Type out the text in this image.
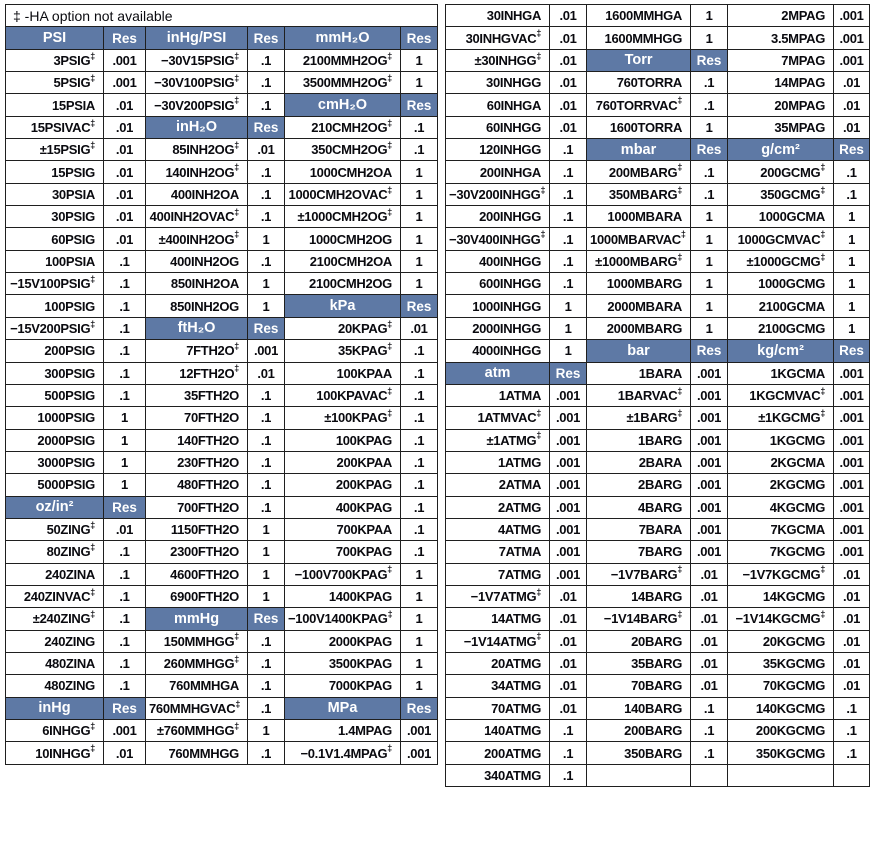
‡ -HA option not available					
PSI	Res	inHg/PSI	Res	mmH₂O	Res
3PSIG‡	.001	−30V15PSIG‡	.1	2100MMH2OG‡	1
5PSIG‡	.001	−30V100PSIG‡	.1	3500MMH2OG‡	1
15PSIA	.01	−30V200PSIG‡	.1	cmH₂O	Res
15PSIVAC‡	.01	inH₂O	Res	210CMH2OG‡	.1
±15PSIG‡	.01	85INH2OG‡	.01	350CMH2OG‡	.1
15PSIG	.01	140INH2OG‡	.1	1000CMH2OA	1
30PSIA	.01	400INH2OA	.1	1000CMH2OVAC‡	1
30PSIG	.01	400INH2OVAC‡	.1	±1000CMH2OG‡	1
60PSIG	.01	±400INH2OG‡	1	1000CMH2OG	1
100PSIA	.1	400INH2OG	.1	2100CMH2OA	1
−15V100PSIG‡	.1	850INH2OA	1	2100CMH2OG	1
100PSIG	.1	850INH2OG	1	kPa	Res
−15V200PSIG‡	.1	ftH₂O	Res	20KPAG‡	.01
200PSIG	.1	7FTH2O‡	.001	35KPAG‡	.1
300PSIG	.1	12FTH2O‡	.01	100KPAA	.1
500PSIG	.1	35FTH2O	.1	100KPAVAC‡	.1
1000PSIG	1	70FTH2O	.1	±100KPAG‡	.1
2000PSIG	1	140FTH2O	.1	100KPAG	.1
3000PSIG	1	230FTH2O	.1	200KPAA	.1
5000PSIG	1	480FTH2O	.1	200KPAG	.1
oz/in²	Res	700FTH2O	.1	400KPAG	.1
50ZING‡	.01	1150FTH2O	1	700KPAA	.1
80ZING‡	.1	2300FTH2O	1	700KPAG	.1
240ZINA	.1	4600FTH2O	1	−100V700KPAG‡	1
240ZINVAC‡	.1	6900FTH2O	1	1400KPAG	1
±240ZING‡	.1	mmHg	Res	−100V1400KPAG‡	1
240ZING	.1	150MMHGG‡	.1	2000KPAG	1
480ZINA	.1	260MMHGG‡	.1	3500KPAG	1
480ZING	.1	760MMHGA	.1	7000KPAG	1
inHg	Res	760MMHGVAC‡	.1	MPa	Res
6INHGG‡	.001	±760MMHGG‡	1	1.4MPAG	.001
10INHGG‡	.01	760MMHGG	.1	−0.1V1.4MPAG‡	.001
30INHGA	.01	1600MMHGA	1	2MPAG	.001
30INHGVAC‡	.01	1600MMHGG	1	3.5MPAG	.001
±30INHGG‡	.01	Torr	Res	7MPAG	.001
30INHGG	.01	760TORRA	.1	14MPAG	.01
60INHGA	.01	760TORRVAC‡	.1	20MPAG	.01
60INHGG	.01	1600TORRA	1	35MPAG	.01
120INHGG	.1	mbar	Res	g/cm²	Res
200INHGA	.1	200MBARG‡	.1	200GCMG‡	.1
−30V200INHGG‡	.1	350MBARG‡	.1	350GCMG‡	.1
200INHGG	.1	1000MBARA	1	1000GCMA	1
−30V400INHGG‡	.1	1000MBARVAC‡	1	1000GCMVAC‡	1
400INHGG	.1	±1000MBARG‡	1	±1000GCMG‡	1
600INHGG	.1	1000MBARG	1	1000GCMG	1
1000INHGG	1	2000MBARA	1	2100GCMA	1
2000INHGG	1	2000MBARG	1	2100GCMG	1
4000INHGG	1	bar	Res	kg/cm²	Res
atm	Res	1BARA	.001	1KGCMA	.001
1ATMA	.001	1BARVAC‡	.001	1KGCMVAC‡	.001
1ATMVAC‡	.001	±1BARG‡	.001	±1KGCMG‡	.001
±1ATMG‡	.001	1BARG	.001	1KGCMG	.001
1ATMG	.001	2BARA	.001	2KGCMA	.001
2ATMA	.001	2BARG	.001	2KGCMG	.001
2ATMG	.001	4BARG	.001	4KGCMG	.001
4ATMG	.001	7BARA	.001	7KGCMA	.001
7ATMA	.001	7BARG	.001	7KGCMG	.001
7ATMG	.001	−1V7BARG‡	.01	−1V7KGCMG‡	.01
−1V7ATMG‡	.01	14BARG	.01	14KGCMG	.01
14ATMG	.01	−1V14BARG‡	.01	−1V14KGCMG‡	.01
−1V14ATMG‡	.01	20BARG	.01	20KGCMG	.01
20ATMG	.01	35BARG	.01	35KGCMG	.01
34ATMG	.01	70BARG	.01	70KGCMG	.01
70ATMG	.01	140BARG	.1	140KGCMG	.1
140ATMG	.1	200BARG	.1	200KGCMG	.1
200ATMG	.1	350BARG	.1	350KGCMG	.1
340ATMG	.1				
